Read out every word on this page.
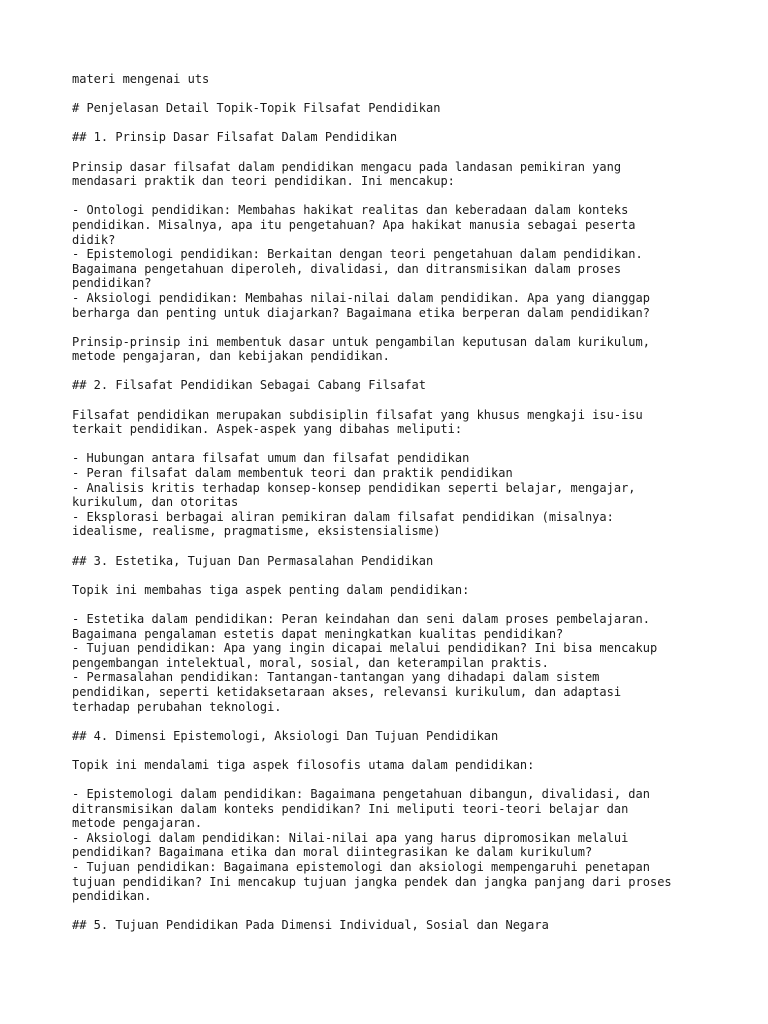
materi mengenai uts
# Penjelasan Detail Topik-Topik Filsafat Pendidikan
## 1. Prinsip Dasar Filsafat Dalam Pendidikan
Prinsip dasar filsafat dalam pendidikan mengacu pada landasan pemikiran yang
mendasari praktik dan teori pendidikan. Ini mencakup:
- Ontologi pendidikan: Membahas hakikat realitas dan keberadaan dalam konteks
pendidikan. Misalnya, apa itu pengetahuan? Apa hakikat manusia sebagai peserta
didik?
- Epistemologi pendidikan: Berkaitan dengan teori pengetahuan dalam pendidikan.
Bagaimana pengetahuan diperoleh, divalidasi, dan ditransmisikan dalam proses
pendidikan?
- Aksiologi pendidikan: Membahas nilai-nilai dalam pendidikan. Apa yang dianggap
berharga dan penting untuk diajarkan? Bagaimana etika berperan dalam pendidikan?
Prinsip-prinsip ini membentuk dasar untuk pengambilan keputusan dalam kurikulum,
metode pengajaran, dan kebijakan pendidikan.
## 2. Filsafat Pendidikan Sebagai Cabang Filsafat
Filsafat pendidikan merupakan subdisiplin filsafat yang khusus mengkaji isu-isu
terkait pendidikan. Aspek-aspek yang dibahas meliputi:
- Hubungan antara filsafat umum dan filsafat pendidikan
- Peran filsafat dalam membentuk teori dan praktik pendidikan
- Analisis kritis terhadap konsep-konsep pendidikan seperti belajar, mengajar,
kurikulum, dan otoritas
- Eksplorasi berbagai aliran pemikiran dalam filsafat pendidikan (misalnya:
idealisme, realisme, pragmatisme, eksistensialisme)
## 3. Estetika, Tujuan Dan Permasalahan Pendidikan
Topik ini membahas tiga aspek penting dalam pendidikan:
- Estetika dalam pendidikan: Peran keindahan dan seni dalam proses pembelajaran.
Bagaimana pengalaman estetis dapat meningkatkan kualitas pendidikan?
- Tujuan pendidikan: Apa yang ingin dicapai melalui pendidikan? Ini bisa mencakup
pengembangan intelektual, moral, sosial, dan keterampilan praktis.
- Permasalahan pendidikan: Tantangan-tantangan yang dihadapi dalam sistem
pendidikan, seperti ketidaksetaraan akses, relevansi kurikulum, dan adaptasi
terhadap perubahan teknologi.
## 4. Dimensi Epistemologi, Aksiologi Dan Tujuan Pendidikan
Topik ini mendalami tiga aspek filosofis utama dalam pendidikan:
- Epistemologi dalam pendidikan: Bagaimana pengetahuan dibangun, divalidasi, dan
ditransmisikan dalam konteks pendidikan? Ini meliputi teori-teori belajar dan
metode pengajaran.
- Aksiologi dalam pendidikan: Nilai-nilai apa yang harus dipromosikan melalui
pendidikan? Bagaimana etika dan moral diintegrasikan ke dalam kurikulum?
- Tujuan pendidikan: Bagaimana epistemologi dan aksiologi mempengaruhi penetapan
tujuan pendidikan? Ini mencakup tujuan jangka pendek dan jangka panjang dari proses
pendidikan.
## 5. Tujuan Pendidikan Pada Dimensi Individual, Sosial dan Negara
